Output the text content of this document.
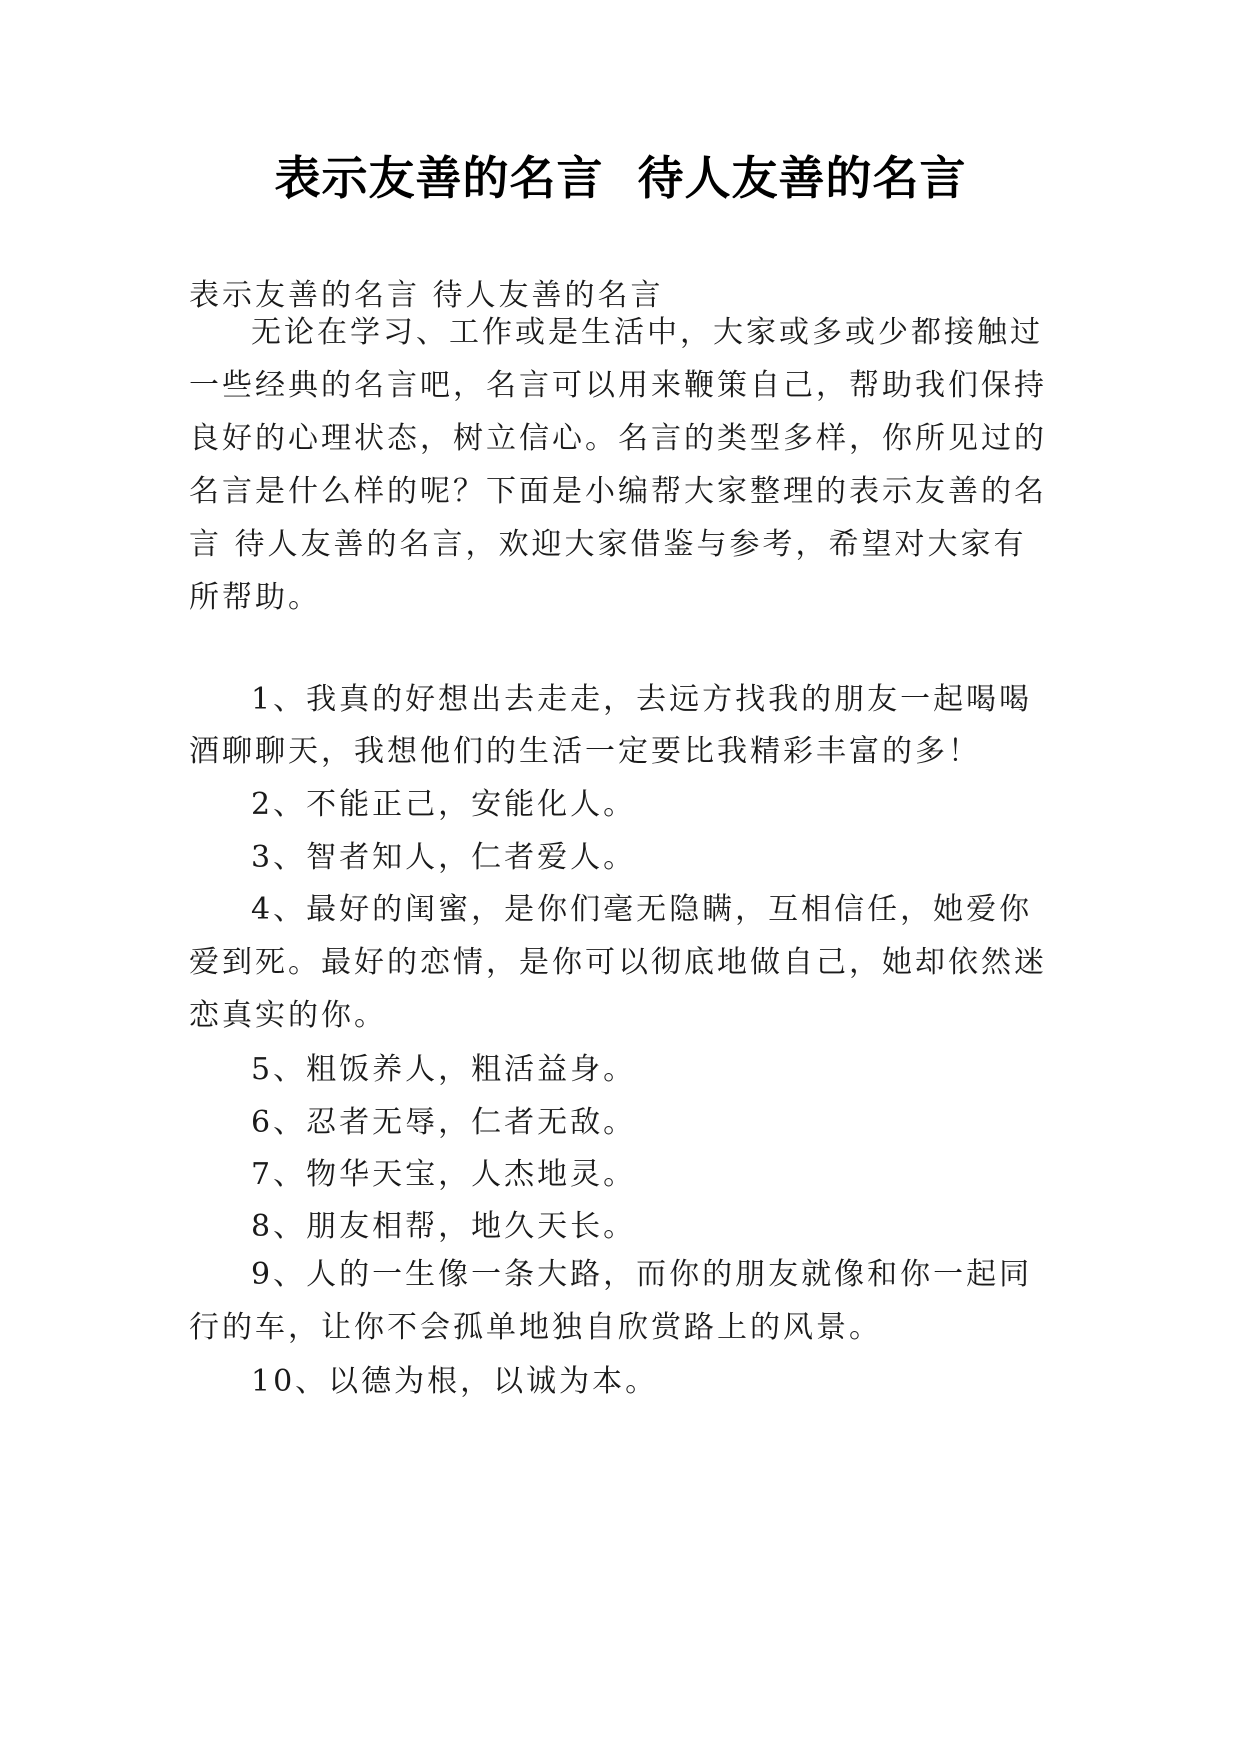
表示友善的名言  待人友善的名言
表示友善的名言 待人友善的名言
无论在学习、工作或是生活中，大家或多或少都接触过一些经典的名言吧，名言可以用来鞭策自己，帮助我们保持良好的心理状态，树立信心。名言的类型多样，你所见过的名言是什么样的呢？下面是小编帮大家整理的表示友善的名言 待人友善的名言，欢迎大家借鉴与参考，希望对大家有所帮助。
1、我真的好想出去走走，去远方找我的朋友一起喝喝酒聊聊天，我想他们的生活一定要比我精彩丰富的多！
2、不能正己，安能化人。
3、智者知人，仁者爱人。
4、最好的闺蜜，是你们毫无隐瞒，互相信任，她爱你爱到死。最好的恋情，是你可以彻底地做自己，她却依然迷恋真实的你。
5、粗饭养人，粗活益身。
6、忍者无辱，仁者无敌。
7、物华天宝，人杰地灵。
8、朋友相帮，地久天长。
9、人的一生像一条大路，而你的朋友就像和你一起同行的车，让你不会孤单地独自欣赏路上的风景。
10、以德为根，以诚为本。
